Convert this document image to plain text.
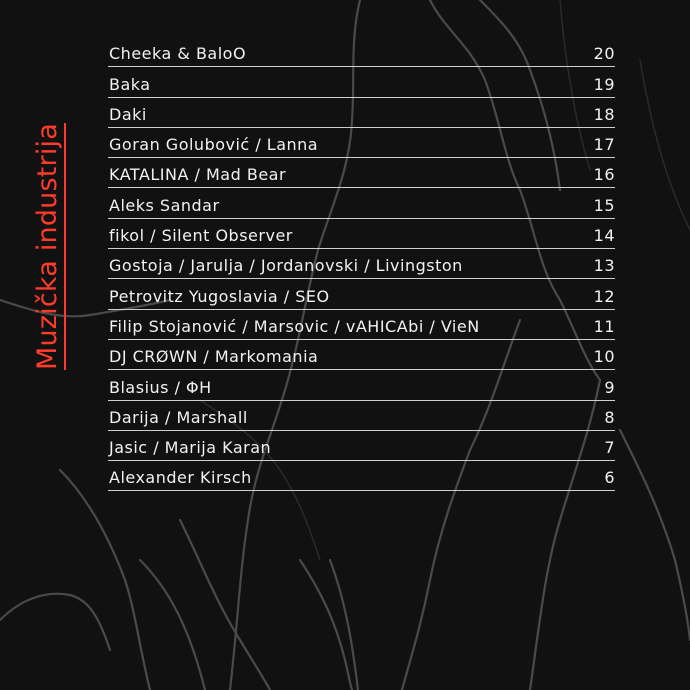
Muzička industrija
Cheeka & BaloO	20
Baka	19
Daki	18
Goran Golubović / Lanna	17
KATALINA / Mad Bear	16
Aleks Sandar	15
fikol / Silent Observer	14
Gostoja / Jarulja / Jordanovski / Livingston	13
Petrovitz Yugoslavia / SEO	12
Filip Stojanović / Marsovic / vAHICAbi / VieN	11
DJ CRØWN / Markomania	10
Blasius / ΦH	9
Darija / Marshall	8
Jasic / Marija Karan	7
Alexander Kirsch	6
